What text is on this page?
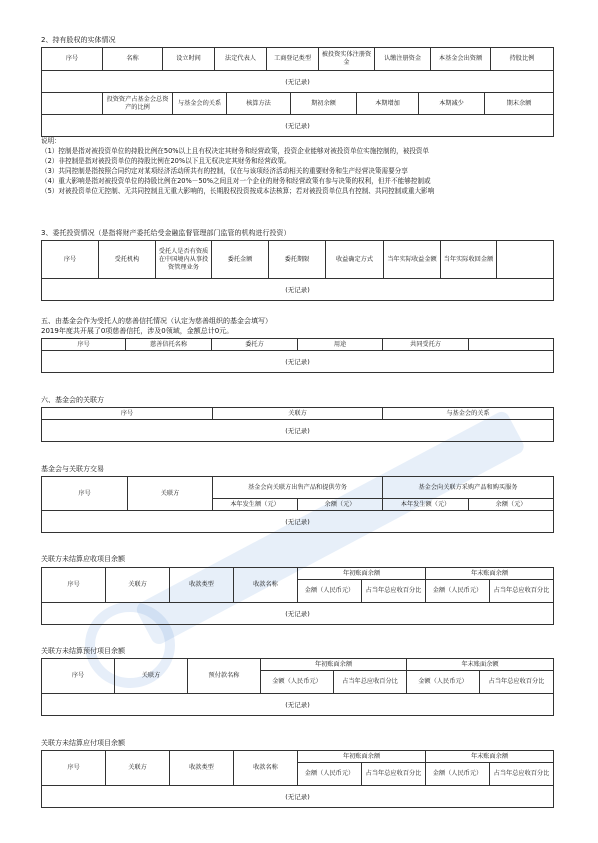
2、持有股权的实体情况
序号	名称	设立时间	法定代表人	工商登记类型	被投资实体注册资金	认缴注册资金	本基金会出资额	持股比例
(无记录)
	投资资产占基金会总资产的比例	与基金会的关系	核算方法	期初余额	本期增加	本期减少	期末余额
(无记录)
说明：
（1）控制是指对被投资单位的持股比例在50%以上且有权决定其财务和经营政策，投资企业能够对被投资单位实施控制的，被投资单
（2）非控制是指对被投资单位的持股比例在20%以下且无权决定其财务和经营政策。
（3）共同控制是指按照合同约定对某项经济活动所共有的控制，仅在与该项经济活动相关的重要财务和生产经营决策需要分享
（4）重大影响是指对被投资单位的持股比例在20%－50%之间且对一个企业的财务和经营政策有参与决策的权利，但并不能够控制或
（5）对被投资单位无控制、无共同控制且无重大影响的，长期股权投资按成本法核算；若对被投资单位具有控制、共同控制或重大影响
3、委托投资情况（是指将财产委托给受金融监督管理部门监管的机构进行投资）
序号	受托机构	受托人是否有资质在中国境内从事投资管理业务	委托金额	委托期限	收益确定方式	当年实际收益金额	当年实际收回金额	
(无记录)
五、由基金会作为受托人的慈善信托情况（认定为慈善组织的基金会填写）
2019年度共开展了0项慈善信托，涉及0领域，金额总计0元。
序号	慈善信托名称	委托方	用途	共同受托方	
(无记录)
六、基金会的关联方
序号	关联方	与基金会的关系
(无记录)
基金会与关联方交易
序号	关联方	基金会向关联方出售产品和提供劳务		基金会向关联方采购产品和购买服务	
		本年发生额（元）	余额（元）	本年发生额（元）	余额（元）
(无记录)					
关联方未结算应收项目余额
序号	关联方	收款类型	收款名称	年初账面余额		年末账面余额	
				金额（人民币元）	占当年总应收百分比	金额（人民币元）	占当年总应收百分比
(无记录)							
关联方未结算预付项目余额
序号	关联方	预付款名称	年初账面余额		年末账面余额	
			金额（人民币元）	占当年总应收百分比	金额（人民币元）	占当年总应收百分比
(无记录)						
关联方未结算应付项目余额
序号	关联方	收款类型	收款名称	年初账面余额		年末账面余额	
				金额（人民币元）	占当年总应收百分比	金额（人民币元）	占当年总应收百分比
(无记录)							
